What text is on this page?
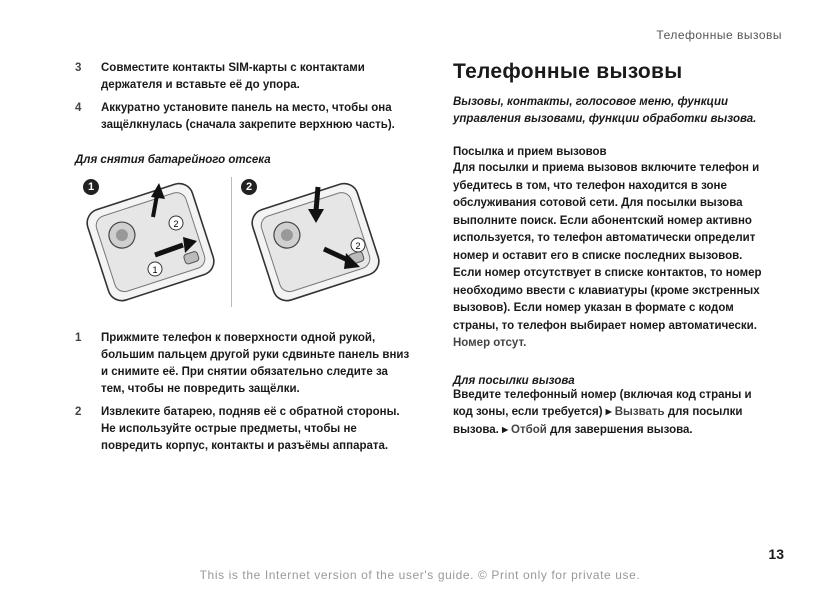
Телефонные вызовы
3	Совместите контакты SIM-карты с контактами держателя и вставьте её до упора.
4	Аккуратно установите панель на место, чтобы она защёлкнулась (сначала закрепите верхнюю часть).
Для снятия батарейного отсека
1
2
1
2
2
1	Прижмите телефон к поверхности одной рукой, большим пальцем другой руки сдвиньте панель вниз и снимите её. При снятии обязательно следите за тем, чтобы не повредить защёлки.
2	Извлеките батарею, подняв её с обратной стороны. Не используйте острые предметы, чтобы не повредить корпус, контакты и разъёмы аппарата.
Телефонные вызовы
Вызовы, контакты, голосовое меню, функции управления вызовами, функции обработки вызова.
Посылка и прием вызовов
Для посылки и приема вызовов включите телефон и убедитесь в том, что телефон находится в зоне обслуживания сотовой сети. Для посылки вызова выполните поиск. Если абонентский номер активно используется, то телефон автоматически определит номер и оставит его в списке последних вызовов. Если номер отсутствует в списке контактов, то номер необходимо ввести с клавиатуры (кроме экстренных вызовов). Если номер указан в формате с кодом страны, то телефон выбирает номер автоматически. Номер отсут.
Для посылки вызова
Введите телефонный номер (включая код страны и код зоны, если требуется) ▸ Вызвать для посылки вызова. ▸ Отбой для завершения вызова.
13
This is the Internet version of the user's guide. © Print only for private use.
